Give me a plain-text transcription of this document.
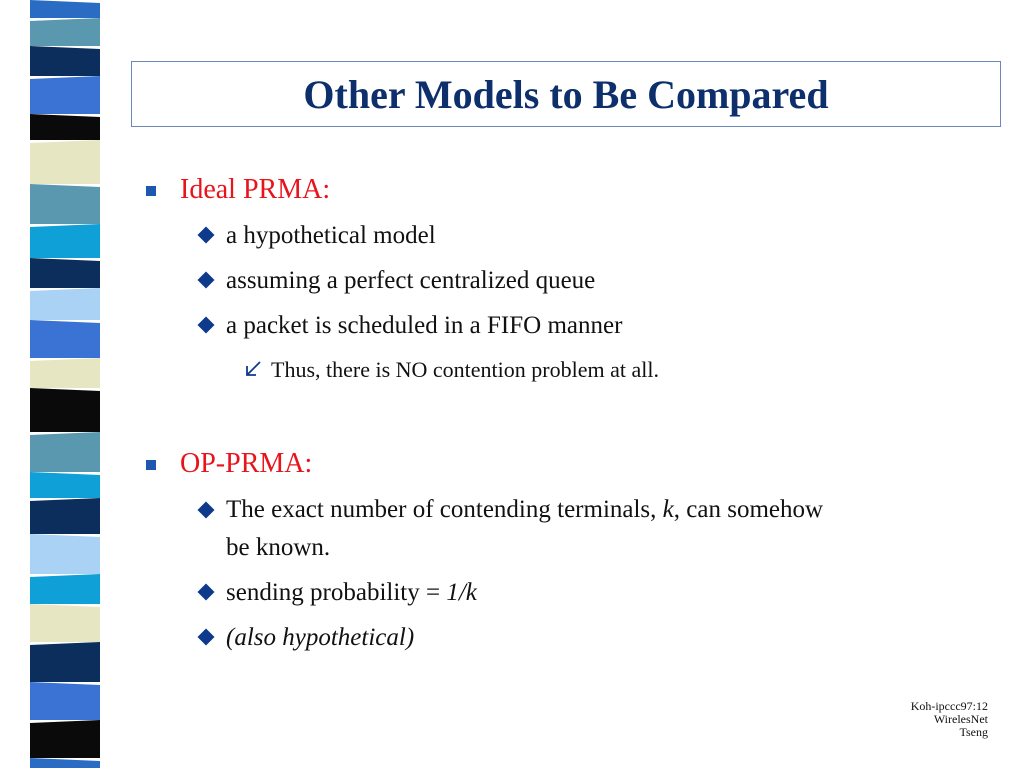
Other Models to Be Compared
Ideal PRMA:
a hypothetical model
assuming a perfect centralized queue
a packet is scheduled in a FIFO manner
Thus, there is NO contention problem at all.
OP-PRMA:
The exact number of contending terminals, k, can somehow
be known.
sending probability = 1/k
(also hypothetical)
Koh-ipccc97:12
WirelesNet
Tseng
